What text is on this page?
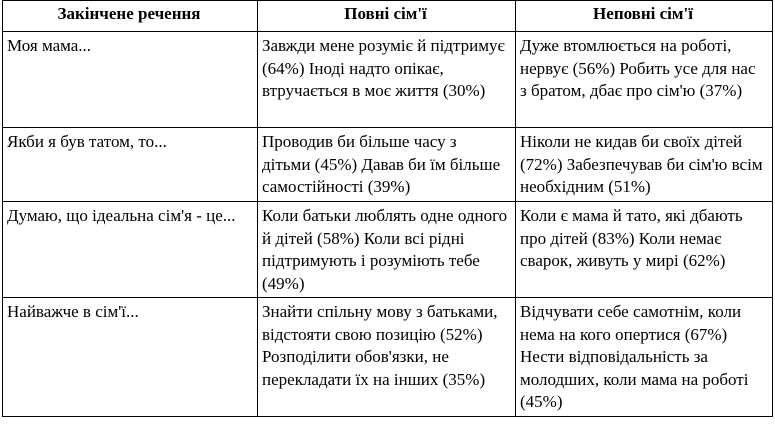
Закінчене речення	Повні сім'ї	Неповні сім'ї
Моя мама...	Завжди мене розуміє й підтримує (64%) Іноді надто опікає, втручається в моє життя (30%)	Дуже втомлюється на роботі, нервує (56%) Робить усе для нас з братом, дбає про сім'ю (37%)
Якби я був татом, то...	Проводив би більше часу з дітьми (45%) Давав би їм більше самостійності (39%)	Ніколи не кидав би своїх дітей (72%) Забезпечував би сім'ю всім необхідним (51%)
Думаю, що ідеальна сім'я - це...	Коли батьки люблять одне одного й дітей (58%) Коли всі рідні підтримують і розуміють тебе (49%)	Коли є мама й тато, які дбають про дітей (83%) Коли немає сварок, живуть у мирі (62%)
Найважче в сім'ї...	Знайти спільну мову з батьками, відстояти свою позицію (52%) Розподілити обов'язки, не перекладати їх на інших (35%)	Відчувати себе самотнім, коли нема на кого опертися (67%) Нести відповідальність за молодших, коли мама на роботі (45%)
